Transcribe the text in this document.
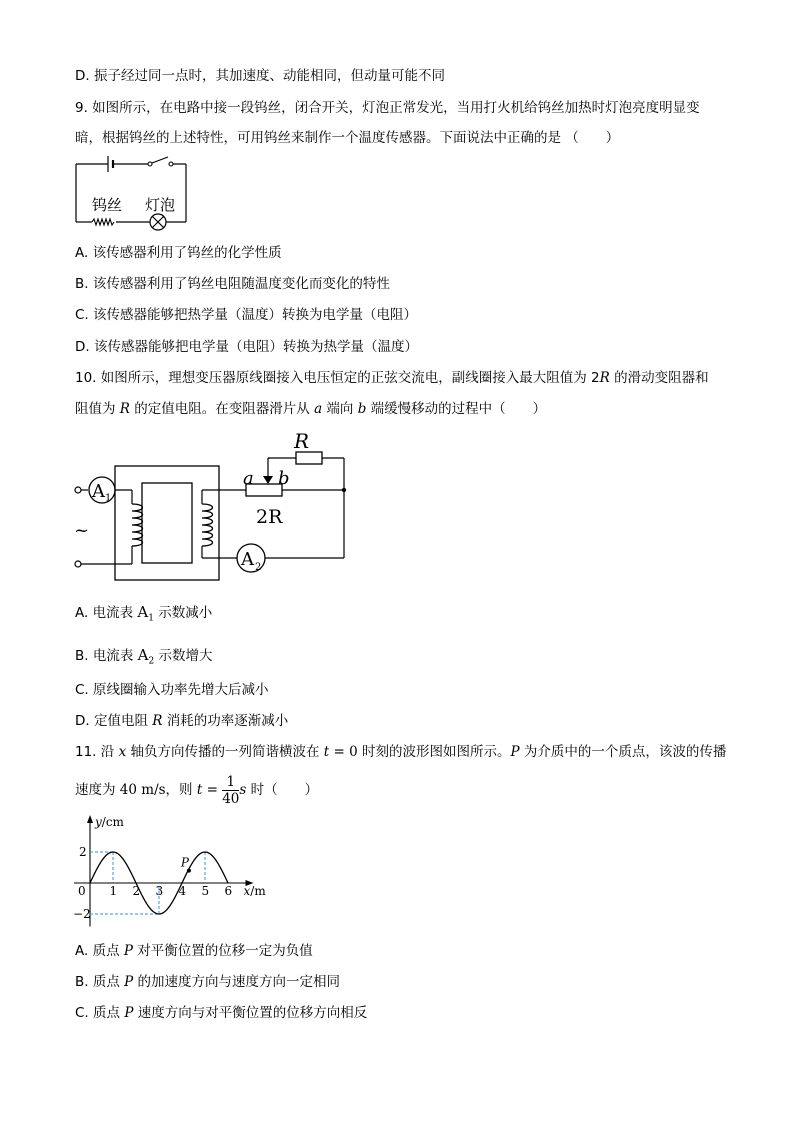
D. 振子经过同一点时，其加速度、动能相同，但动量可能不同
9. 如图所示，在电路中接一段钨丝，闭合开关，灯泡正常发光，当用打火机给钨丝加热时灯泡亮度明显变
暗，根据钨丝的上述特性，可用钨丝来制作一个温度传感器。下面说法中正确的是 （　　）
钨丝 灯泡
A. 该传感器利用了钨丝的化学性质
B. 该传感器利用了钨丝电阻随温度变化而变化的特性
C. 该传感器能够把热学量（温度）转换为电学量（电阻）
D. 该传感器能够把电学量（电阻）转换为热学量（温度）
10. 如图所示，理想变压器原线圈接入电压恒定的正弦交流电，副线圈接入最大阻值为 2R 的滑动变阻器和
阻值为 R 的定值电阻。在变阻器滑片从 a 端向 b 端缓慢移动的过程中（　　）
~
A 1
A 2
R
a b
2R
A. 电流表 $A_1$ 示数减小
B. 电流表 $A_2$ 示数增大
C. 原线圈输入功率先增大后减小
D. 定值电阻 R 消耗的功率逐渐减小
11. 沿 x 轴负方向传播的一列简谐横波在 t = 0 时刻的波形图如图所示。P 为介质中的一个质点，该波的传播
速度为 40 m/s，则 $t = \frac{1}{40}$ s 时（　　）
y/cm
x/m
0
2
−2
1 2 3 4 5 6
P
A. 质点 P 对平衡位置的位移一定为负值
B. 质点 P 的加速度方向与速度方向一定相同
C. 质点 P 速度方向与对平衡位置的位移方向相反
